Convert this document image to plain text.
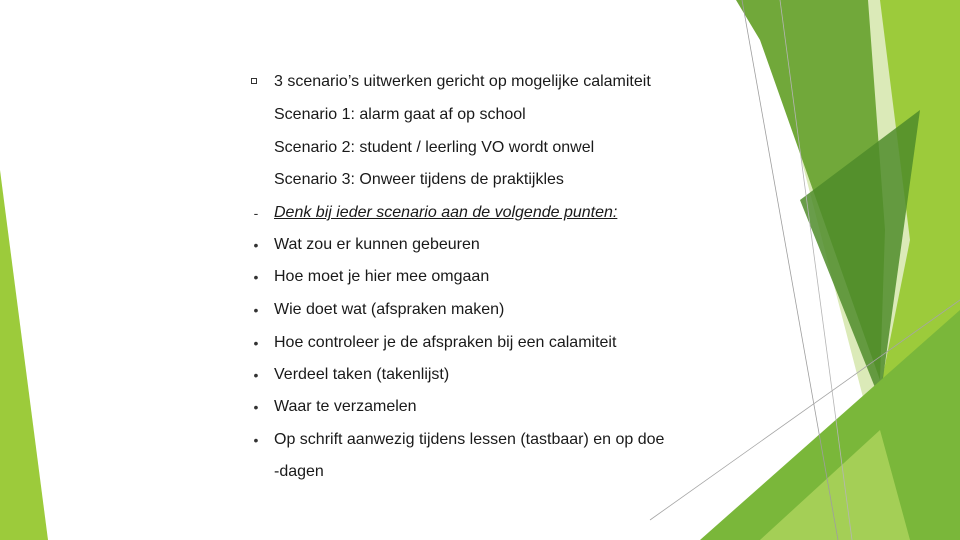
3 scenario’s uitwerken gericht op mogelijke calamiteit
Scenario 1: alarm gaat af op school
Scenario 2: student / leerling VO wordt onwel
Scenario 3: Onweer tijdens de praktijkles
- Denk bij ieder scenario aan de volgende punten:
• Wat zou er kunnen gebeuren
• Hoe moet je hier mee omgaan
• Wie doet wat (afspraken maken)
• Hoe controleer je de afspraken bij een calamiteit
• Verdeel taken (takenlijst)
• Waar te verzamelen
• Op schrift aanwezig tijdens lessen (tastbaar) en op doe
-dagen
